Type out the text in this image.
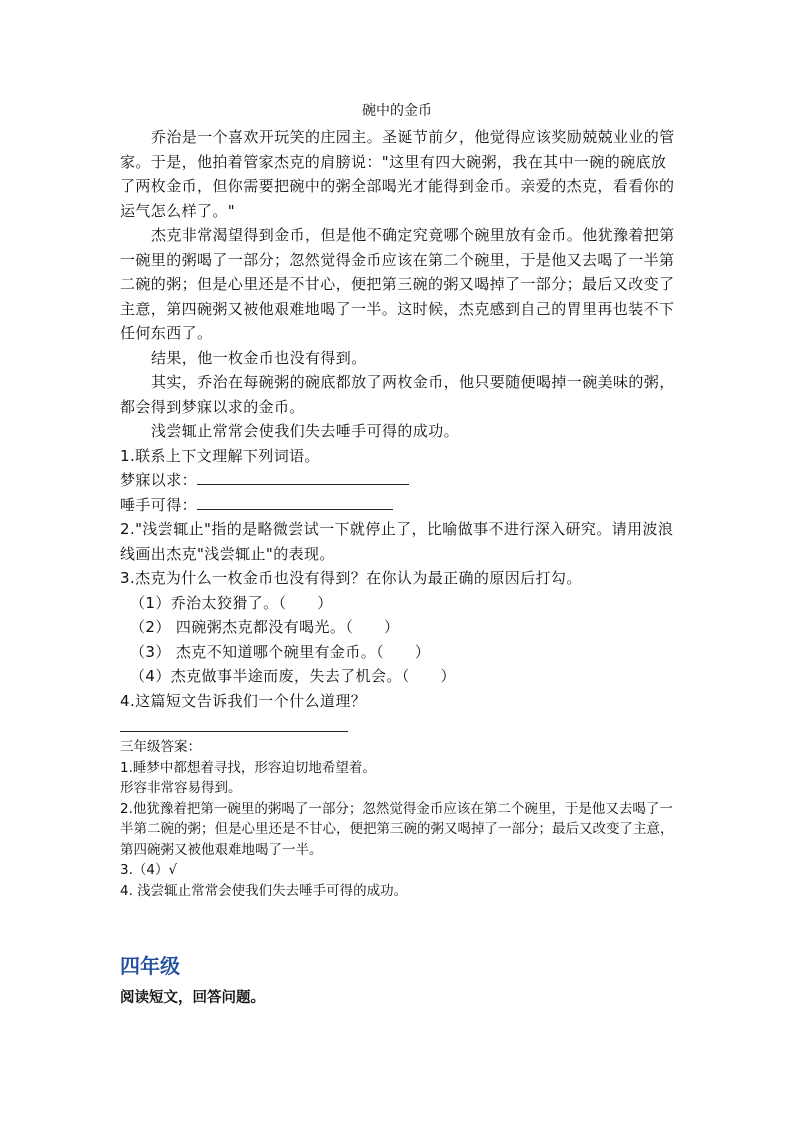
碗中的金币

乔治是一个喜欢开玩笑的庄园主。圣诞节前夕，他觉得应该奖励兢兢业业的管家。于是，他拍着管家杰克的肩膀说："这里有四大碗粥，我在其中一碗的碗底放了两枚金币，但你需要把碗中的粥全部喝光才能得到金币。亲爱的杰克，看看你的运气怎么样了。"

杰克非常渴望得到金币，但是他不确定究竟哪个碗里放有金币。他犹豫着把第一碗里的粥喝了一部分；忽然觉得金币应该在第二个碗里，于是他又去喝了一半第二碗的粥；但是心里还是不甘心，便把第三碗的粥又喝掉了一部分；最后又改变了主意，第四碗粥又被他艰难地喝了一半。这时候，杰克感到自己的胃里再也装不下任何东西了。

结果，他一枚金币也没有得到。

其实，乔治在每碗粥的碗底都放了两枚金币，他只要随便喝掉一碗美味的粥，都会得到梦寐以求的金币。

浅尝辄止常常会使我们失去唾手可得的成功。

1.联系上下文理解下列词语。

梦寐以求：

唾手可得：

2."浅尝辄止"指的是略微尝试一下就停止了，比喻做事不进行深入研究。请用波浪线画出杰克"浅尝辄止"的表现。

3.杰克为什么一枚金币也没有得到？在你认为最正确的原因后打勾。

（1）乔治太狡猾了。（　　）

（2） 四碗粥杰克都没有喝光。（　　）

（3） 杰克不知道哪个碗里有金币。（　　）

（4）杰克做事半途而废，失去了机会。（　　）

4.这篇短文告诉我们一个什么道理？

三年级答案：

1.睡梦中都想着寻找，形容迫切地希望着。

形容非常容易得到。

2.他犹豫着把第一碗里的粥喝了一部分；忽然觉得金币应该在第二个碗里，于是他又去喝了一半第二碗的粥；但是心里还是不甘心，便把第三碗的粥又喝掉了一部分；最后又改变了主意，第四碗粥又被他艰难地喝了一半。

3.（4）√

4. 浅尝辄止常常会使我们失去唾手可得的成功。

四年级
阅读短文，回答问题。
